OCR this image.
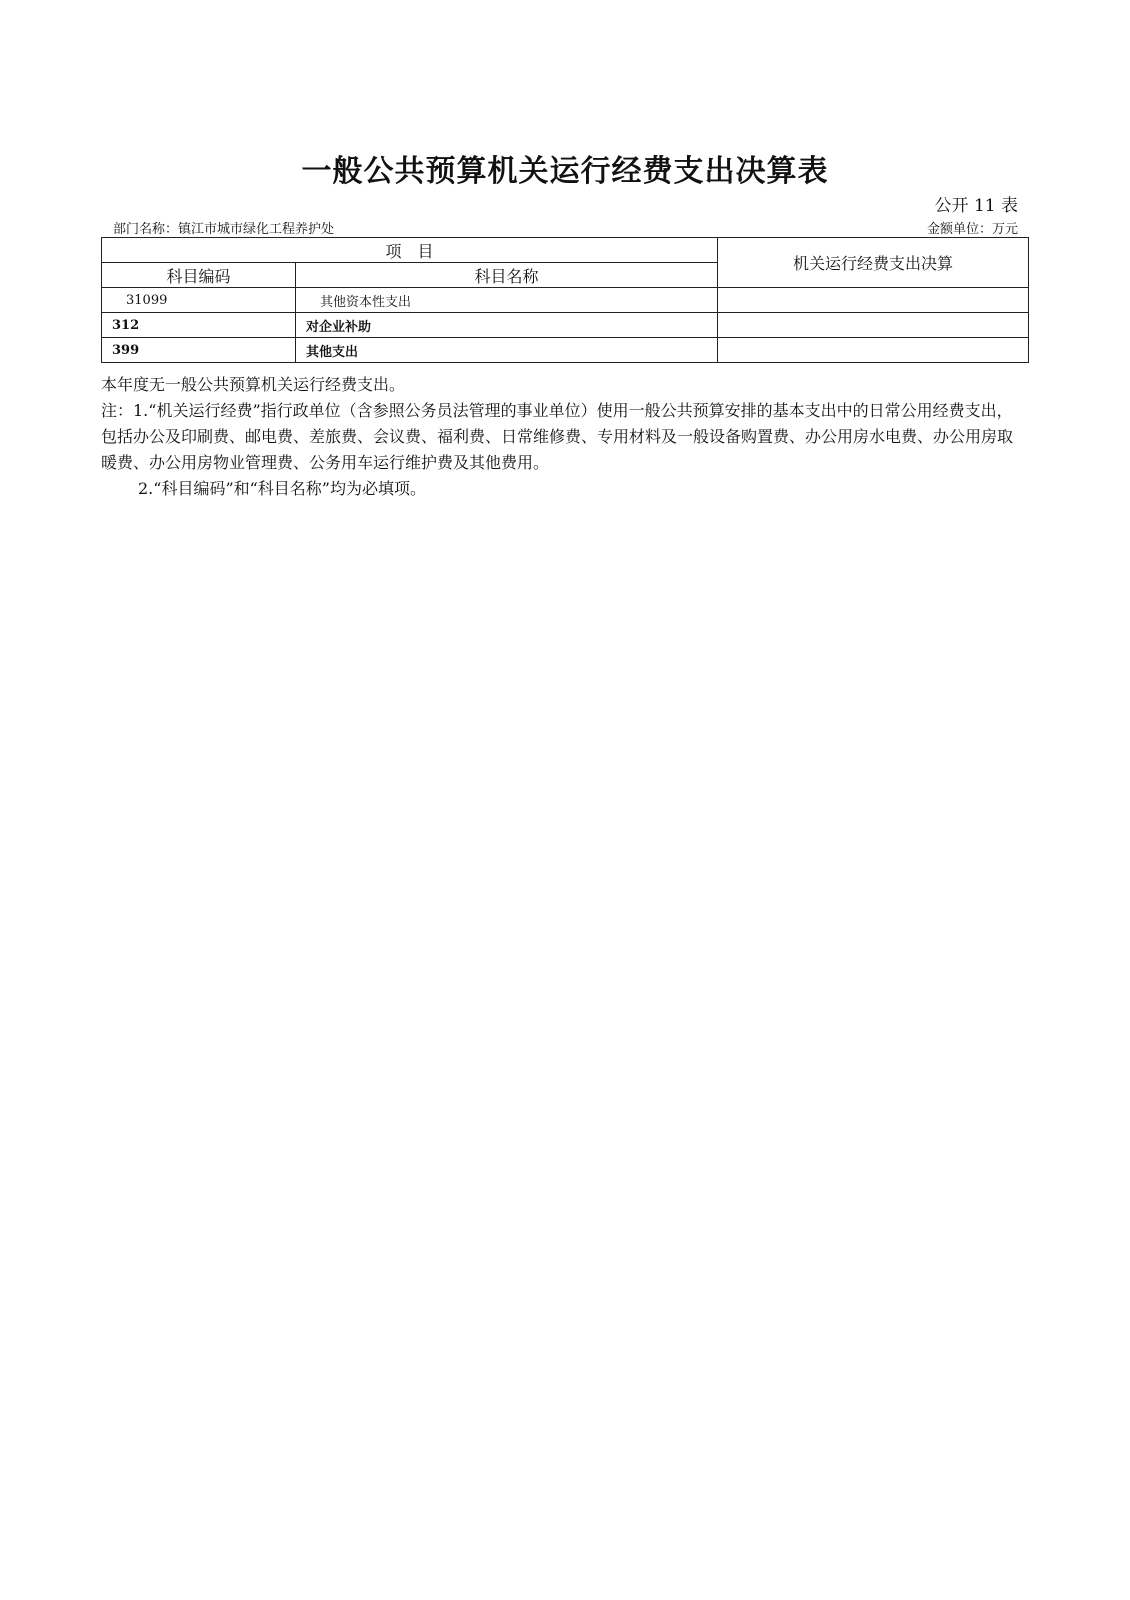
一般公共预算机关运行经费支出决算表
公开 11 表
部门名称：镇江市城市绿化工程养护处	金额单位：万元
项　目		机关运行经费支出决算
科目编码	科目名称	
31099	其他资本性支出	
312	对企业补助	
399	其他支出	

本年度无一般公共预算机关运行经费支出。

注：1.“机关运行经费”指行政单位（含参照公务员法管理的事业单位）使用一般公共预算安排的基本支出中的日常公用经费支出，包括办公及印刷费、邮电费、差旅费、会议费、福利费、日常维修费、专用材料及一般设备购置费、办公用房水电费、办公用房取暖费、办公用房物业管理费、公务用车运行维护费及其他费用。

2.“科目编码”和“科目名称”均为必填项。
